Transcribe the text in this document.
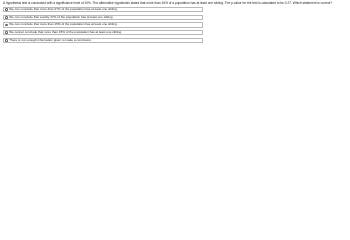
A hypothesis test is conducted with a significance level of 10%. The alternative hypothesis states that more than 15% of a population has at least one sibling. The p-value for the test is calculated to be 0.27. Which statement is correct?
We can conclude that more than 27% of the population has at least one sibling.
We can conclude that exactly 27% of the population has at least one sibling.
We can conclude that more than 15% of the population has at least one sibling.
We cannot conclude that more than 15% of the population has at least one sibling.
There is not enough information given to make a conclusion.
